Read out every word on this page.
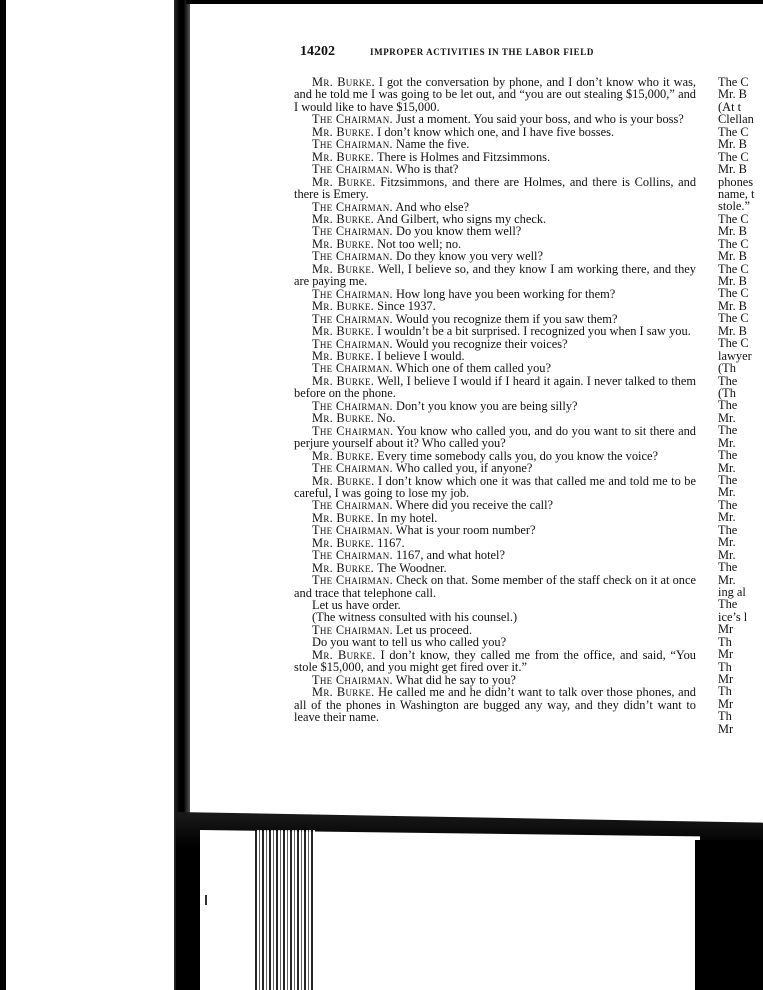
14202	IMPROPER ACTIVITIES IN THE LABOR FIELD

Mr. Burke. I got the conversation by phone, and I don’t know who it was, and he told me I was going to be let out, and “you are out stealing $15,000,” and I would like to have $15,000.

The Chairman. Just a moment. You said your boss, and who is your boss?

Mr. Burke. I don’t know which one, and I have five bosses.

The Chairman. Name the five.

Mr. Burke. There is Holmes and Fitzsimmons.

The Chairman. Who is that?

Mr. Burke. Fitzsimmons, and there are Holmes, and there is Collins, and there is Emery.

The Chairman. And who else?

Mr. Burke. And Gilbert, who signs my check.

The Chairman. Do you know them well?

Mr. Burke. Not too well; no.

The Chairman. Do they know you very well?

Mr. Burke. Well, I believe so, and they know I am working there, and they are paying me.

The Chairman. How long have you been working for them?

Mr. Burke. Since 1937.

The Chairman. Would you recognize them if you saw them?

Mr. Burke. I wouldn’t be a bit surprised. I recognized you when I saw you.

The Chairman. Would you recognize their voices?

Mr. Burke. I believe I would.

The Chairman. Which one of them called you?

Mr. Burke. Well, I believe I would if I heard it again. I never talked to them before on the phone.

The Chairman. Don’t you know you are being silly?

Mr. Burke. No.

The Chairman. You know who called you, and do you want to sit there and perjure yourself about it? Who called you?

Mr. Burke. Every time somebody calls you, do you know the voice?

The Chairman. Who called you, if anyone?

Mr. Burke. I don’t know which one it was that called me and told me to be careful, I was going to lose my job.

The Chairman. Where did you receive the call?

Mr. Burke. In my hotel.

The Chairman. What is your room number?

Mr. Burke. 1167.

The Chairman. 1167, and what hotel?

Mr. Burke. The Woodner.

The Chairman. Check on that. Some member of the staff check on it at once and trace that telephone call.

Let us have order.

(The witness consulted with his counsel.)

The Chairman. Let us proceed.

Do you want to tell us who called you?

Mr. Burke. I don’t know, they called me from the office, and said, “You stole $15,000, and you might get fired over it.”

The Chairman. What did he say to you?

Mr. Burke. He called me and he didn’t want to talk over those phones, and all of the phones in Washington are bugged any way, and they didn’t want to leave their name.

The C
Mr. B
(At t
Clellan
The C
Mr. B
The C
Mr. B
phones
name, t
stole.”
The C
Mr. B
The C
Mr. B
The C
Mr. B
The C
Mr. B
The C
Mr. B
The C
lawyer
(Th
The
(Th
The
Mr.
The
Mr.
The
Mr.
The
Mr.
The
Mr.
The
Mr.
Mr.
The
Mr.
ing al
The
ice’s l
Mr
Th
Mr
Th
Mr
Th
Mr
Th
Mr
